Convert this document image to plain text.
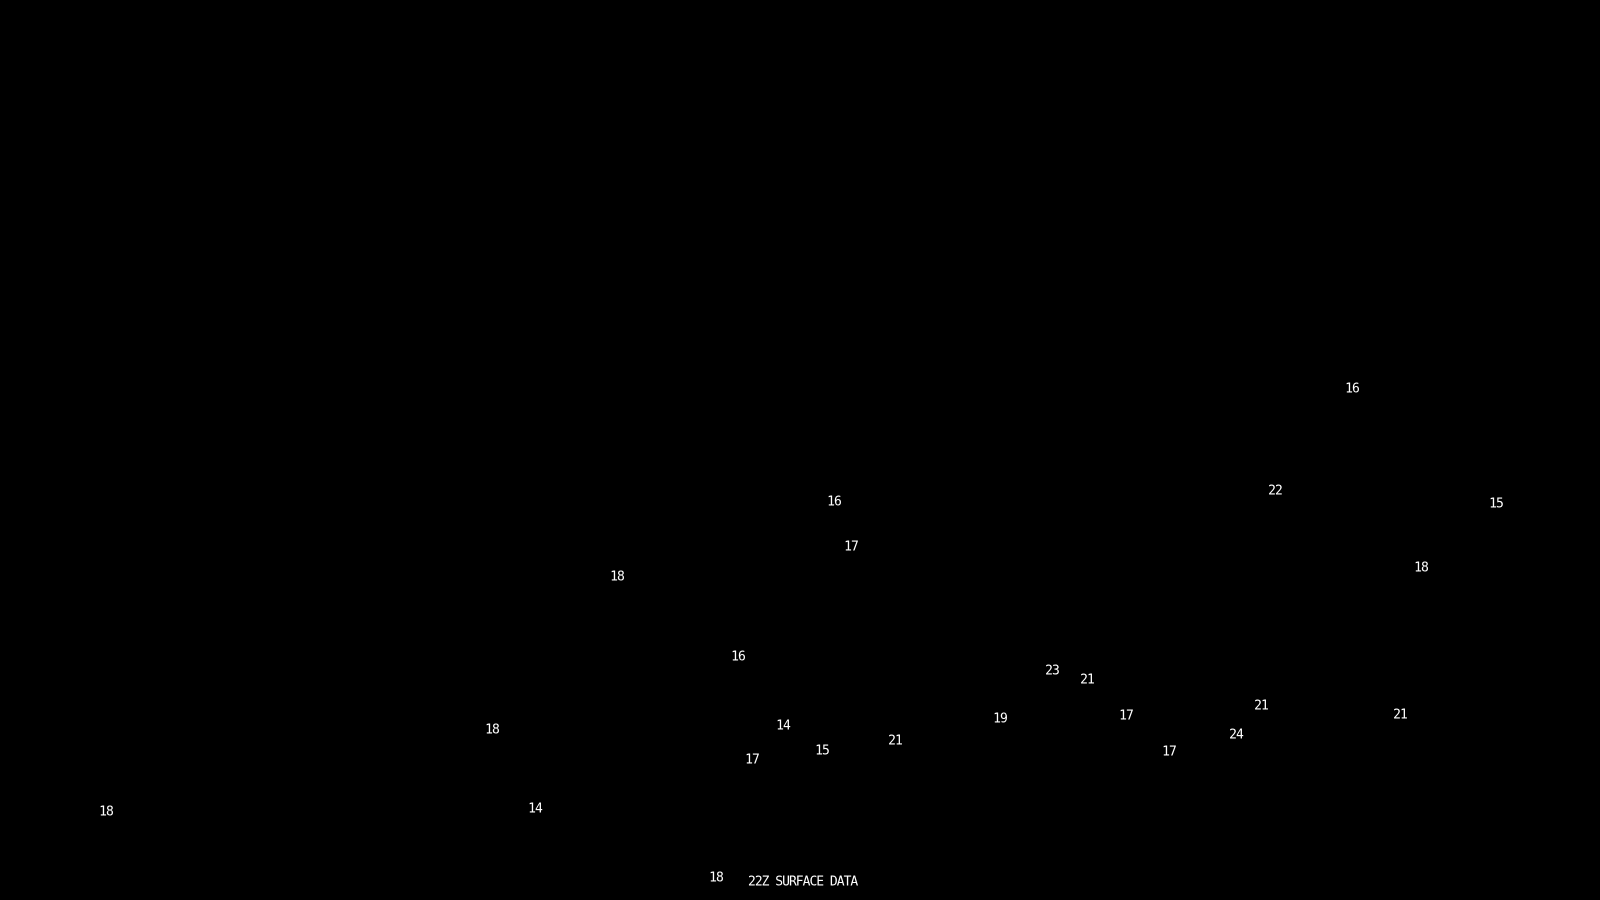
16
22
16	15
17
18
18
16
23
21
21
21
17
19
14
18	24
21
15	17
17
14
18
18 22Z SURFACE DATA
